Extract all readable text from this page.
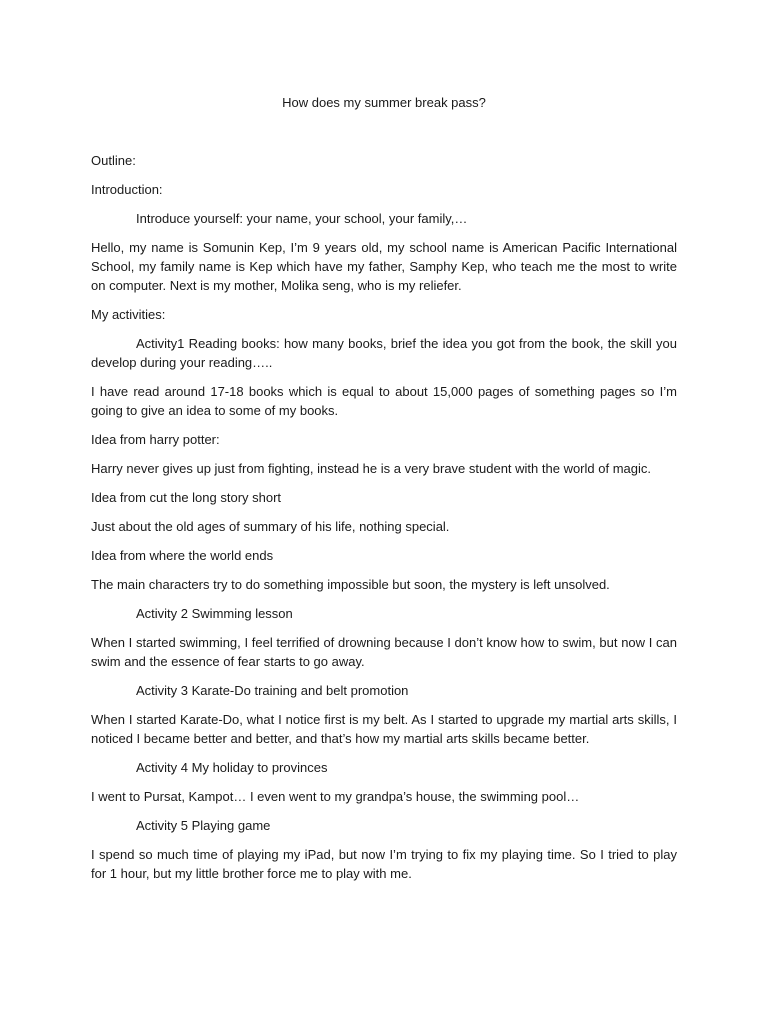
How does my summer break pass?

Outline:

Introduction:

Introduce yourself: your name, your school, your family,…

Hello, my name is Somunin Kep, I’m 9 years old, my school name is American Pacific International School, my family name is Kep which have my father, Samphy Kep, who teach me the most to write on computer. Next is my mother, Molika seng, who is my reliefer.

My activities:

Activity1 Reading books: how many books, brief the idea you got from the book, the skill you develop during your reading…..

I have read around 17-18 books which is equal to about 15,000 pages of something pages so I’m going to give an idea to some of my books.

Idea from harry potter:

Harry never gives up just from fighting, instead he is a very brave student with the world of magic.

Idea from cut the long story short

Just about the old ages of summary of his life, nothing special.

Idea from where the world ends

The main characters try to do something impossible but soon, the mystery is left unsolved.

Activity 2 Swimming lesson

When I started swimming, I feel terrified of drowning because I don’t know how to swim, but now I can swim and the essence of fear starts to go away.

Activity 3 Karate-Do training and belt promotion

When I started Karate-Do, what I notice first is my belt. As I started to upgrade my martial arts skills, I noticed I became better and better, and that’s how my martial arts skills became better.

Activity 4 My holiday to provinces

I went to Pursat, Kampot… I even went to my grandpa’s house, the swimming pool…

Activity 5 Playing game

I spend so much time of playing my iPad, but now I’m trying to fix my playing time. So I tried to play for 1 hour, but my little brother force me to play with me.
